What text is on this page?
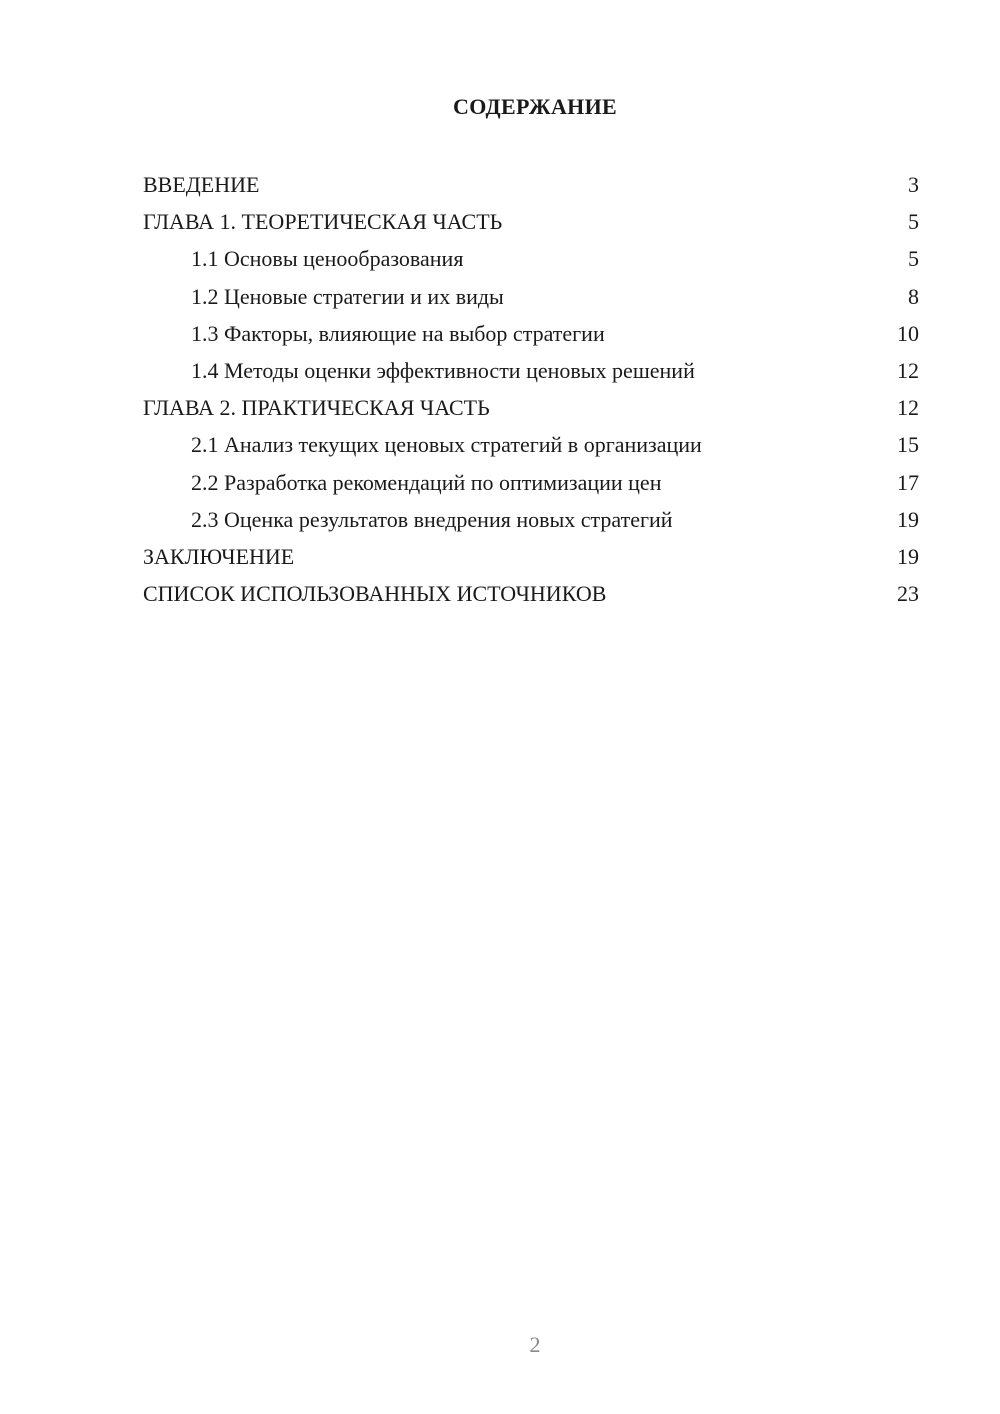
СОДЕРЖАНИЕ
ВВЕДЕНИЕ	3
ГЛАВА 1. ТЕОРЕТИЧЕСКАЯ ЧАСТЬ	5
1.1 Основы ценообразования	5
1.2 Ценовые стратегии и их виды	8
1.3 Факторы, влияющие на выбор стратегии	10
1.4 Методы оценки эффективности ценовых решений	12
ГЛАВА 2. ПРАКТИЧЕСКАЯ ЧАСТЬ	12
2.1 Анализ текущих ценовых стратегий в организации	15
2.2 Разработка рекомендаций по оптимизации цен	17
2.3 Оценка результатов внедрения новых стратегий	19
ЗАКЛЮЧЕНИЕ	19
СПИСОК ИСПОЛЬЗОВАННЫХ ИСТОЧНИКОВ	23
2
